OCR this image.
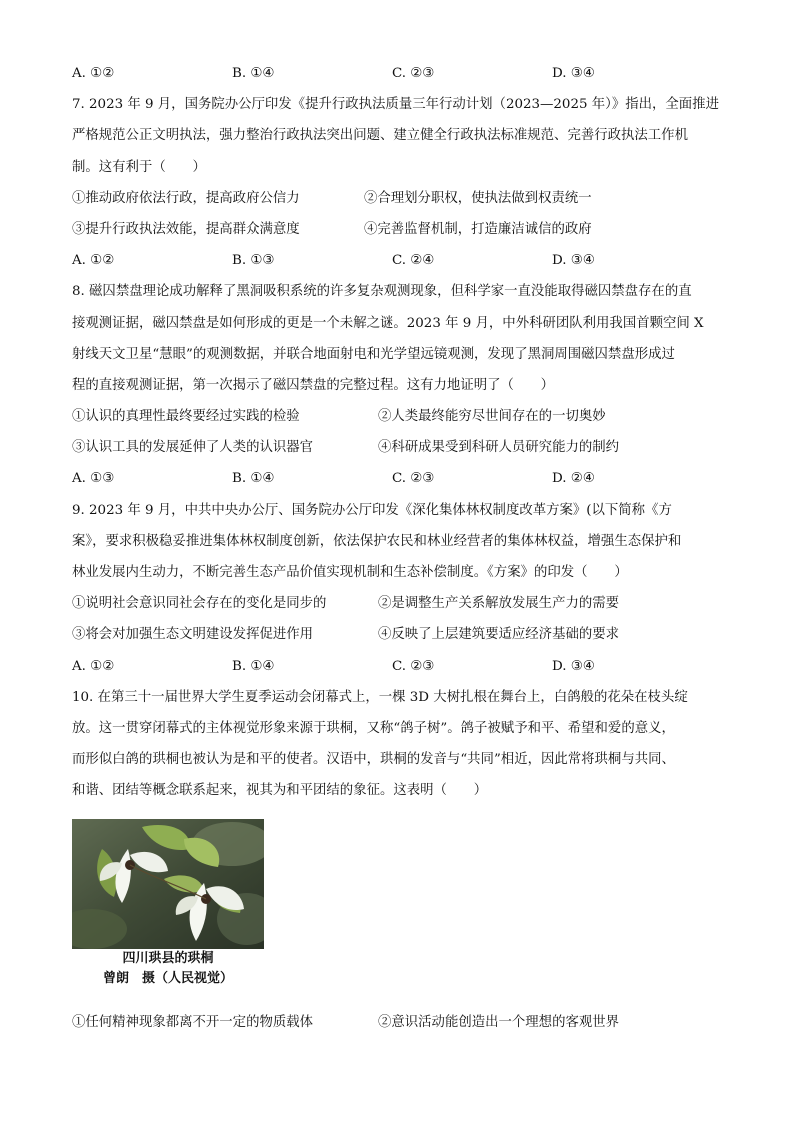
A. ①②	B. ①④	C. ②③	D. ③④
7. 2023 年 9 月，国务院办公厅印发《提升行政执法质量三年行动计划（2023—2025 年）》指出，全面推进
严格规范公正文明执法，强力整治行政执法突出问题、建立健全行政执法标准规范、完善行政执法工作机
制。这有利于（　　）
①推动政府依法行政，提高政府公信力	②合理划分职权，使执法做到权责统一
③提升行政执法效能，提高群众满意度	④完善监督机制，打造廉洁诚信的政府
A. ①②	B. ①③	C. ②④	D. ③④
8. 磁囚禁盘理论成功解释了黑洞吸积系统的许多复杂观测现象，但科学家一直没能取得磁囚禁盘存在的直
接观测证据，磁囚禁盘是如何形成的更是一个未解之谜。2023 年 9 月，中外科研团队利用我国首颗空间 X
射线天文卫星“慧眼”的观测数据，并联合地面射电和光学望远镜观测，发现了黑洞周围磁囚禁盘形成过
程的直接观测证据，第一次揭示了磁囚禁盘的完整过程。这有力地证明了（　　）
①认识的真理性最终要经过实践的检验	②人类最终能穷尽世间存在的一切奥妙
③认识工具的发展延伸了人类的认识器官	④科研成果受到科研人员研究能力的制约
A. ①③	B. ①④	C. ②③	D. ②④
9. 2023 年 9 月，中共中央办公厅、国务院办公厅印发《深化集体林权制度改革方案》(以下简称《方
案》，要求积极稳妥推进集体林权制度创新，依法保护农民和林业经营者的集体林权益，增强生态保护和
林业发展内生动力，不断完善生态产品价值实现机制和生态补偿制度。《方案》的印发（　　）
①说明社会意识同社会存在的变化是同步的	②是调整生产关系解放发展生产力的需要
③将会对加强生态文明建设发挥促进作用	④反映了上层建筑要适应经济基础的要求
A. ①②	B. ①④	C. ②③	D. ③④
10. 在第三十一届世界大学生夏季运动会闭幕式上，一棵 3D 大树扎根在舞台上，白鸽般的花朵在枝头绽
放。这一贯穿闭幕式的主体视觉形象来源于珙桐，又称“鸽子树”。鸽子被赋予和平、希望和爱的意义，
而形似白鸽的珙桐也被认为是和平的使者。汉语中，珙桐的发音与“共同”相近，因此常将珙桐与共同、
和谐、团结等概念联系起来，视其为和平团结的象征。这表明（　　）
四川珙县的珙桐
曾朗　摄（人民视觉）
①任何精神现象都离不开一定的物质载体	②意识活动能创造出一个理想的客观世界
